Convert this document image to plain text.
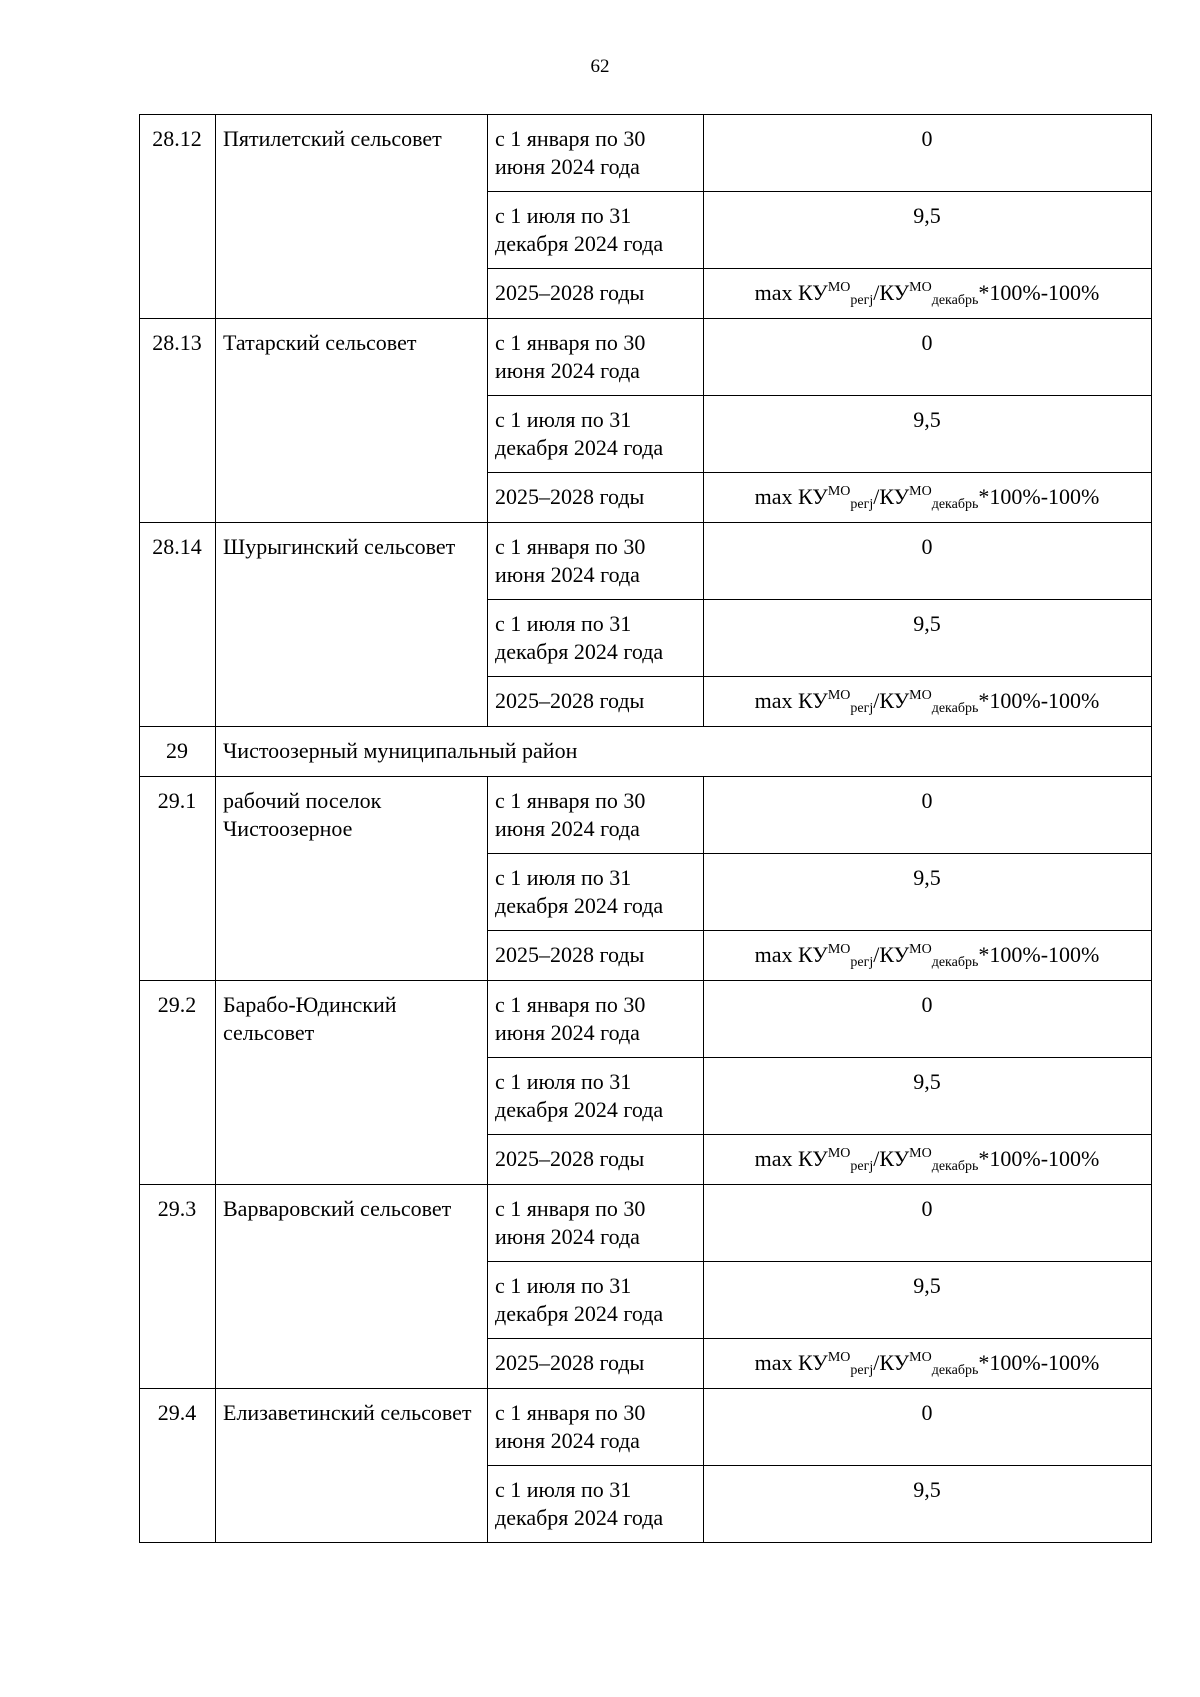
62
28.12	Пятилетский сельсовет	с 1 января по 30 июня 2024 года	0
		с 1 июля по 31 декабря 2024 года	9,5
		2025–2028 годы	$\max КУ^{МО}_{регj}/КУ^{МО}_{декабрь}*100\%-100\%$
28.13	Татарский сельсовет	с 1 января по 30 июня 2024 года	0
		с 1 июля по 31 декабря 2024 года	9,5
		2025–2028 годы	$\max КУ^{МО}_{регj}/КУ^{МО}_{декабрь}*100\%-100\%$
28.14	Шурыгинский сельсовет	с 1 января по 30 июня 2024 года	0
		с 1 июля по 31 декабря 2024 года	9,5
		2025–2028 годы	$\max КУ^{МО}_{регj}/КУ^{МО}_{декабрь}*100\%-100\%$
29	Чистоозерный муниципальный район		
29.1	рабочий поселок Чистоозерное	с 1 января по 30 июня 2024 года	0
		с 1 июля по 31 декабря 2024 года	9,5
		2025–2028 годы	$\max КУ^{МО}_{регj}/КУ^{МО}_{декабрь}*100\%-100\%$
29.2	Барабо-Юдинский сельсовет	с 1 января по 30 июня 2024 года	0
		с 1 июля по 31 декабря 2024 года	9,5
		2025–2028 годы	$\max КУ^{МО}_{регj}/КУ^{МО}_{декабрь}*100\%-100\%$
29.3	Варваровский сельсовет	с 1 января по 30 июня 2024 года	0
		с 1 июля по 31 декабря 2024 года	9,5
		2025–2028 годы	$\max КУ^{МО}_{регj}/КУ^{МО}_{декабрь}*100\%-100\%$
29.4	Елизаветинский сельсовет	с 1 января по 30 июня 2024 года	0
		с 1 июля по 31 декабря 2024 года	9,5
